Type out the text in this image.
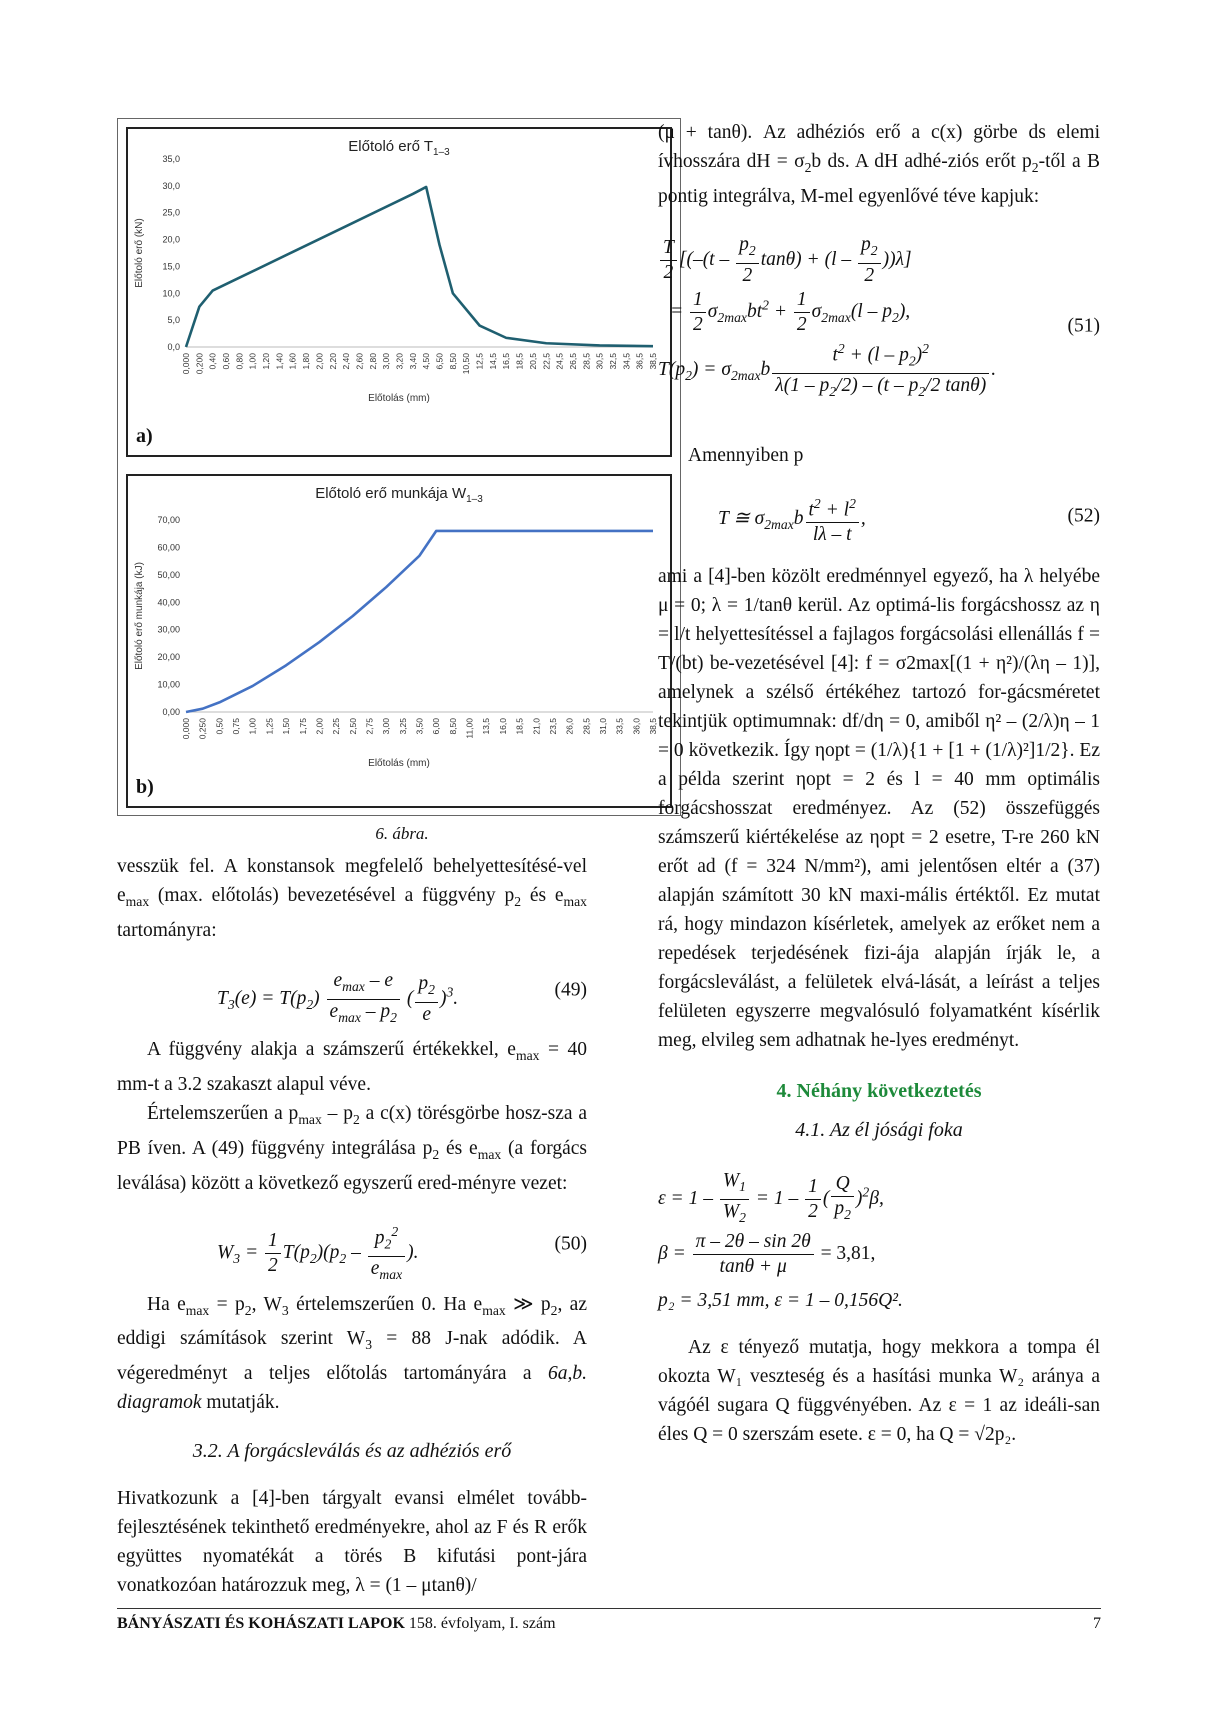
Előtoló erő $T_{1-3}$
0,0
5,0
10,0
15,0
20,0
25,0
30,0
35,0
Előtoló erő (kN)
0,000 0,200 0,40 0,60 0,80 1,00 1,20 1,40 1,60 1,80 2,00 2,20 2,40 2,60 2,80 3,00 3,20 3,40 4,50 6,50 8,50 10,50 12,5 14,5 16,5 18,5 20,5 22,5 24,5 26,5 28,5 30,5 32,5 34,5 36,5 38,5
Előtolás (mm)
a)
Előtoló erő munkája $W_{1-3}$
0,00
10,00
20,00
30,00
40,00
50,00
60,00
70,00
Előtoló erő munkája (kJ)
0,000 0,250 0,50 0,75 1,00 1,25 1,50 1,75 2,00 2,25 2,50 2,75 3,00 3,25 3,50 6,00 8,50 11,00 13,5 16,0 18,5 21,0 23,5 26,0 28,5 31,0 33,5 36,0 38,5
Előtolás (mm)
b)
6. ábra.

vesszük fel. A konstansok megfelelő behelyettesítésé-vel $e_{max}$ (max. előtolás) bevezetésével a függvény $p_2$ és $e_{max}$ tartományra:

$T_3(e) = T(p_2) \frac{e_{max} - e}{e_{max} - p_2}$ ( $\frac{p_2}{e} )^3$.	(49)

A függvény alakja a számszerű értékekkel, $e_{max} = 40$ mm-t a 3.2 szakaszt alapul véve.

Értelemszerűen a $p_{max} - p_2$ a c(x) törésgörbe hosz-sza a PB íven. A (49) függvény integrálása $p_2$ és $e_{max}$ (a forgács leválása) között a következő egyszerű ered-ményre vezet:

$W_3 = \frac{1}{2} T(p_2)(p_2 - \frac{p_2^2}{e_{max}}$ ).	(50)

Ha $e_{max} = p_2$, $W_3$ értelemszerűen 0. Ha $e_{max}$ ≫ $p_2$, az eddigi számítások szerint $W_3 = 88$ J-nak adódik. A végeredményt a teljes előtolás tartományára a 6a,b. diagramok mutatják.

3.2. A forgácsleválás és az adhéziós erő

Hivatkozunk a [4]-ben tárgyalt evansi elmélet tovább-fejlesztésének tekinthető eredményekre, ahol az F és R erők együttes nyomatékát a törés B kifutási pont-jára vonatkozóan határozzuk meg, λ = (1 – μtanθ)/

(μ + tanθ). Az adhéziós erő a c(x) görbe ds elemi ívhosszára dH = $\sigma_2b$ ds. A dH adhé-ziós erőt $p_2$-től a B pontig integrálva, M-mel egyenlővé téve kapjuk:

$\frac{T}{2} [(-(t - \frac{p_2}{2} \tan\theta) + (l - \frac{p_2}{2} ))\lambda]$
= $\frac{1}{2} \sigma_{2max}bt^2 + \frac{1}{2} \sigma_{2max}(l - p_2)$,
$T(p_2) = \sigma_{2max}b \frac{t^2 + (l - p_2)^2}{\lambda(1 - p_2/2) - (t - p_2/2 \tan\theta)}$ .
(51)

Amennyiben p

T ≅ $\sigma_{2max}b \frac{t^2 + l^2}{l\lambda - t}$ ,	(52)

ami a [4]-ben közölt eredménnyel egyező, ha λ helyébe μ = 0; λ = 1/tanθ kerül. Az optimá-lis forgácshossz az η = l/t helyettesítéssel a fajlagos forgácsolási ellenállás f = T/(bt) be-vezetésével [4]: f = σ2max[(1 + η²)/(λη – 1)], amelynek a szélső értékéhez tartozó for-gácsméretet tekintjük optimumnak: df/dη = 0, amiből η² – (2/λ)η – 1 = 0 következik. Így ηopt = (1/λ){1 + [1 + (1/λ)²]1/2}. Ez a példa szerint ηopt = 2 és l = 40 mm optimális forgácshosszat eredményez. Az (52) összefüggés számszerű kiértékelése az ηopt = 2 esetre, T-re 260 kN erőt ad (f = 324 N/mm²), ami jelentősen eltér a (37) alapján számított 30 kN maxi-mális értéktől. Ez mutat rá, hogy mindazon kísérletek, amelyek az erőket nem a repedések terjedésének fizi-ája alapján írják le, a forgácsleválást, a felületek elvá-lását, a leírást a teljes felületen egyszerre megvalósuló folyamatként kísérlik meg, elvileg sem adhatnak he-lyes eredményt.

4. Néhány következtetés
4.1. Az él jósági foka
$\varepsilon = 1 - \frac{W_1}{W_2} = 1 - \frac{1}{2}$ ( $\frac{Q}{p_2} )^2\beta$,
$\beta = \frac{\pi - 2\theta - \sin 2\theta}{\tan\theta + \mu} = 3,81$,
p₂ = 3,51 mm, ε = 1 – 0,156Q².

Az ε tényező mutatja, hogy mekkora a tompa él okozta W₁ veszteség és a hasítási munka W₂ aránya a vágóél sugara Q függvényében. Az ε = 1 az ideáli-san éles Q = 0 szerszám esete. ε = 0, ha Q = √2p₂.

BÁNYÁSZATI ÉS KOHÁSZATI LAPOK 158. évfolyam, I. szám	7
